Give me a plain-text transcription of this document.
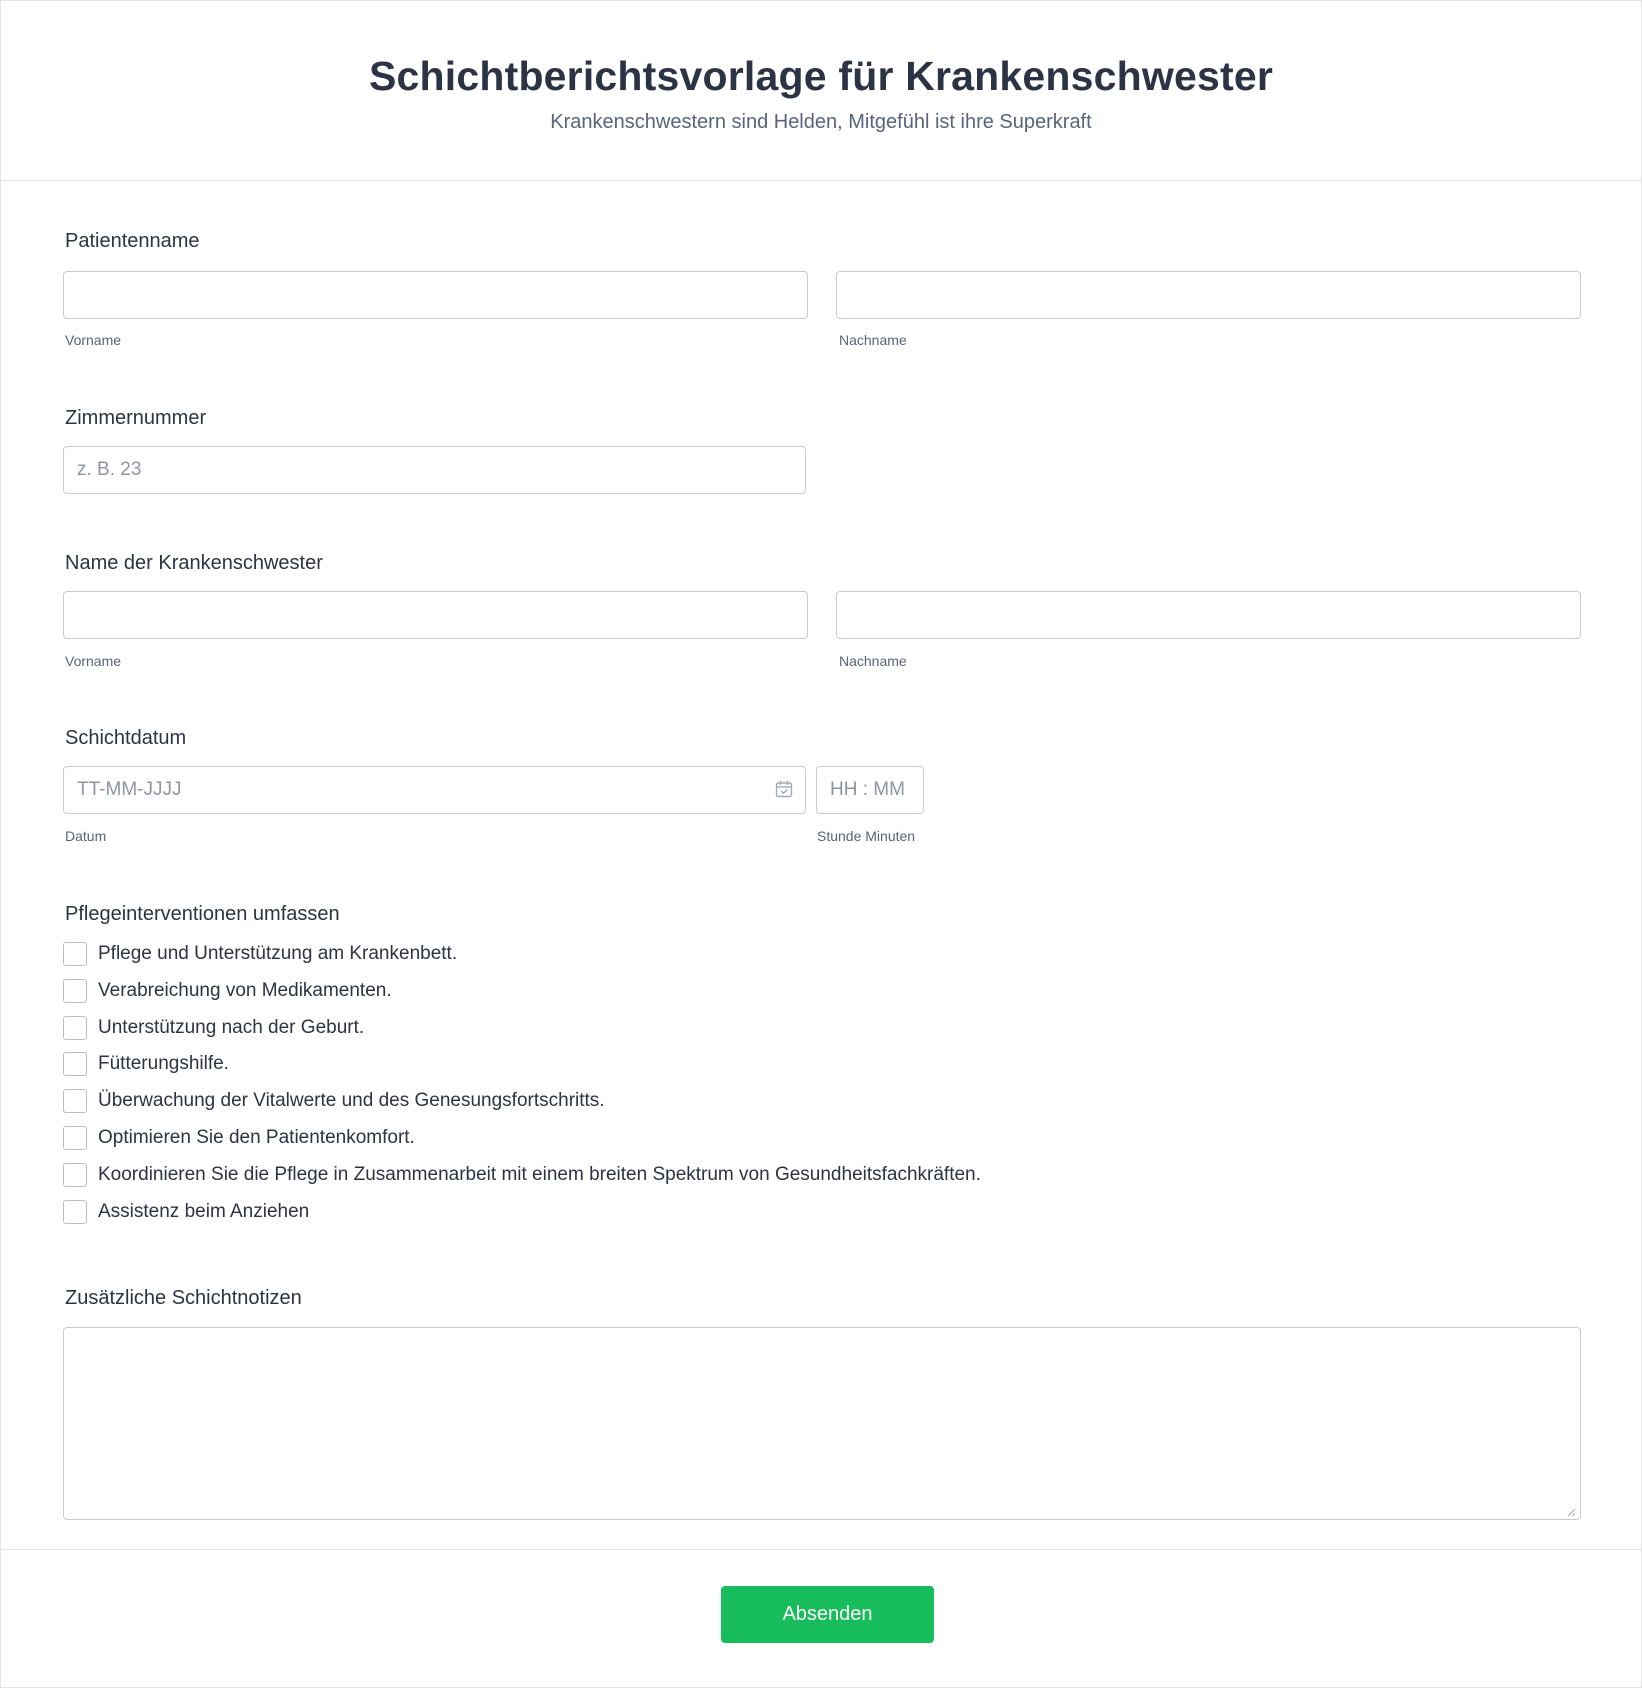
Schichtberichtsvorlage für Krankenschwester
Krankenschwestern sind Helden, Mitgefühl ist ihre Superkraft
Patientenname
Vorname	Nachname
Zimmernummer
z. B. 23
Name der Krankenschwester
Vorname	Nachname
Schichtdatum
TT-MM-JJJJ
HH : MM
Datum	Stunde Minuten
Pflegeinterventionen umfassen
Pflege und Unterstützung am Krankenbett.
Verabreichung von Medikamenten.
Unterstützung nach der Geburt.
Fütterungshilfe.
Überwachung der Vitalwerte und des Genesungsfortschritts.
Optimieren Sie den Patientenkomfort.
Koordinieren Sie die Pflege in Zusammenarbeit mit einem breiten Spektrum von Gesundheitsfachkräften.
Assistenz beim Anziehen
Zusätzliche Schichtnotizen
Absenden
